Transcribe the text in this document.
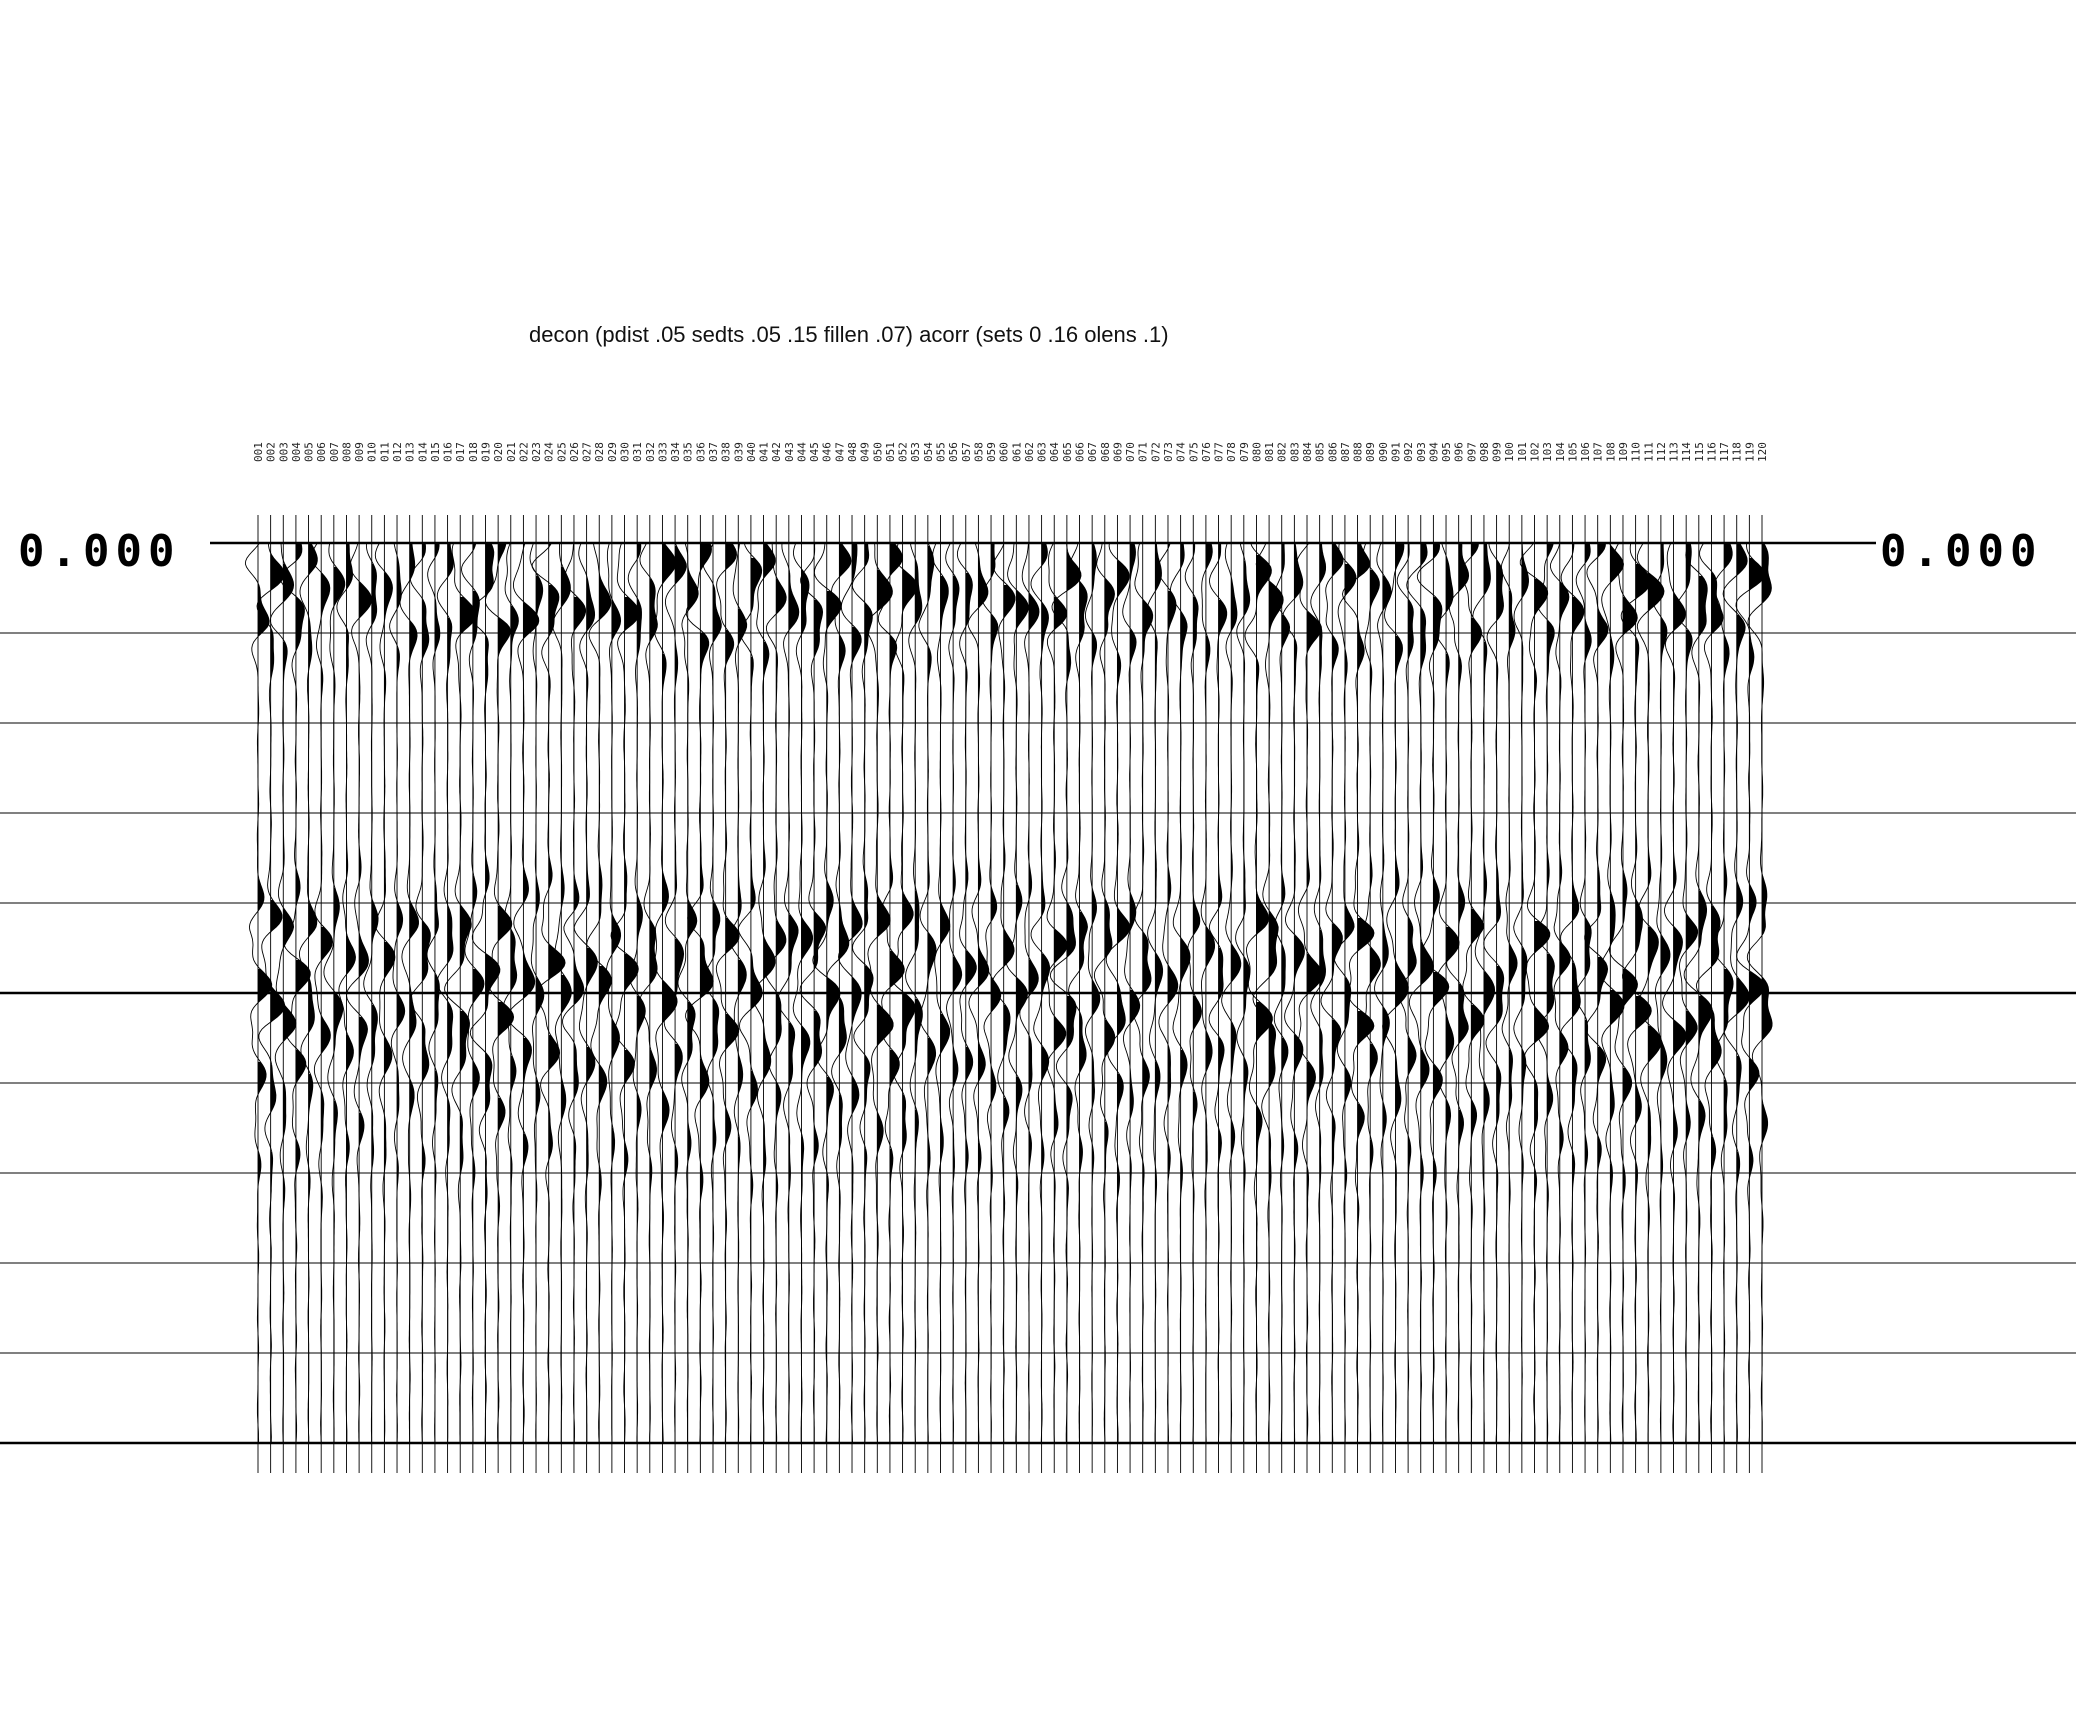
decon (pdist .05 sedts .05 .15 fillen .07) acorr (sets 0 .16 olens .1)
0.000	0.000
001 002 003 004 005 006 007 008 009 010 011 012 013 014 015 016 017 018 019 020 021 022 023 024 025 026 027 028 029 030 031 032 033 034 035 036 037 038 039 040 041 042 043 044 045 046 047 048 049 050 051 052 053 054 055 056 057 058 059 060 061 062 063 064 065 066 067 068 069 070 071 072 073 074 075 076 077 078 079 080 081 082 083 084 085 086 087 088 089 090 091 092 093 094 095 096 097 098 099 100 101 102 103 104 105 106 107 108 109 110 111 112 113 114 115 116 117 118 119 120
